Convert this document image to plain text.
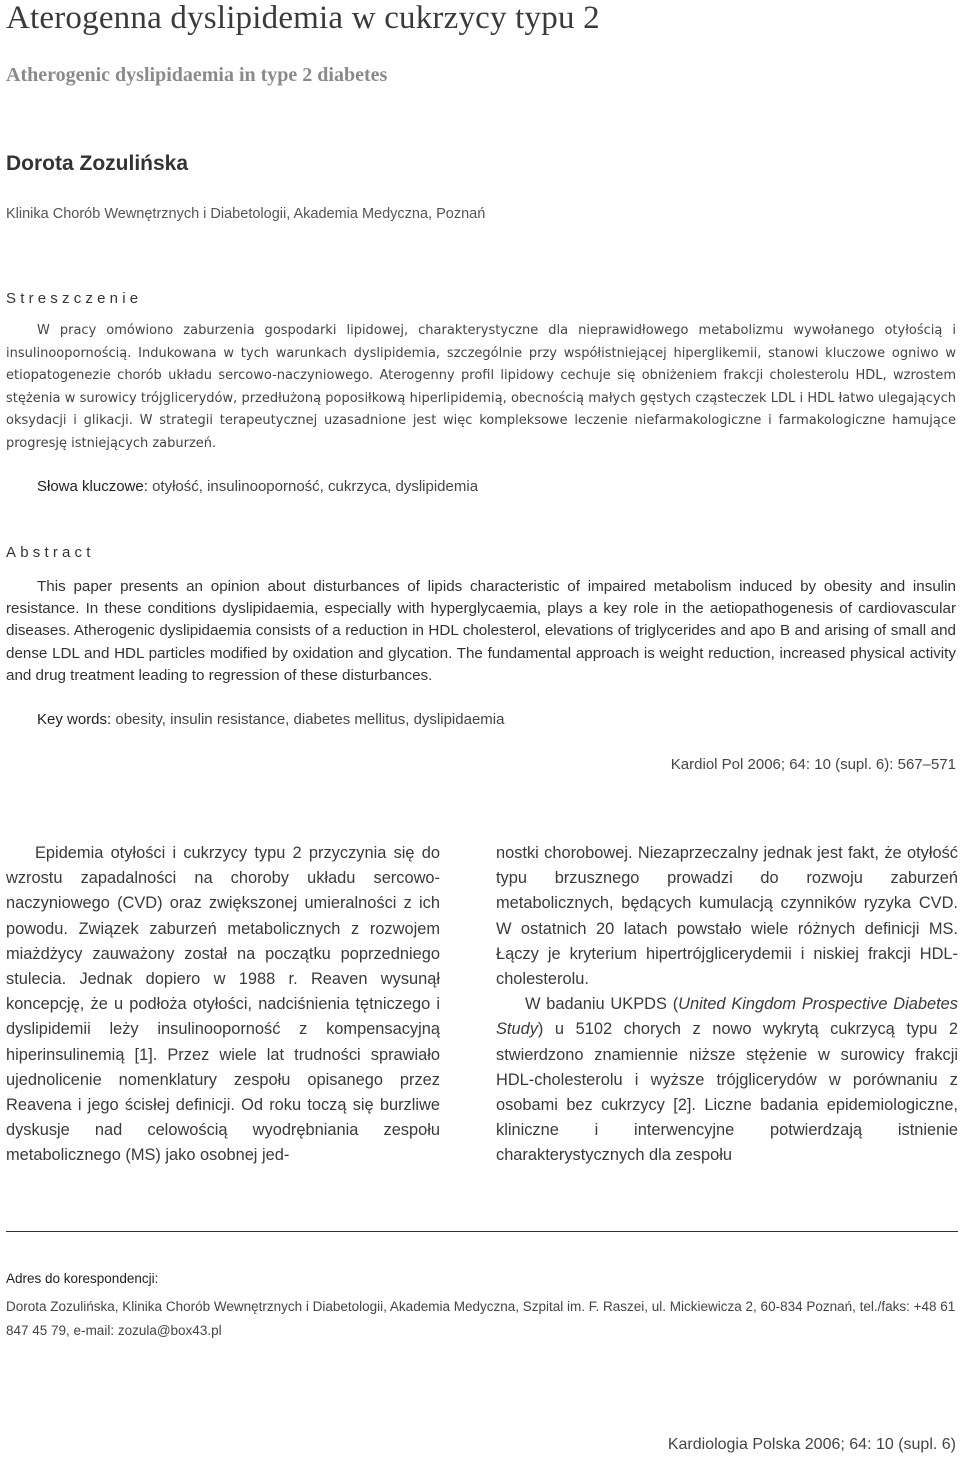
Aterogenna dyslipidemia w cukrzycy typu 2
Atherogenic dyslipidaemia in type 2 diabetes
Dorota Zozulińska
Klinika Chorób Wewnętrznych i Diabetologii, Akademia Medyczna, Poznań
Streszczenie

W pracy omówiono zaburzenia gospodarki lipidowej, charakterystyczne dla nieprawidłowego metabolizmu wywołanego otyłością i insulinoopornością. Indukowana w tych warunkach dyslipidemia, szczególnie przy współistniejącej hiperglikemii, stanowi kluczowe ogniwo w etiopatogenezie chorób układu sercowo-naczyniowego. Aterogenny profil lipidowy cechuje się obniżeniem frakcji cholesterolu HDL, wzrostem stężenia w surowicy trójglicerydów, przedłużoną poposiłkową hiperlipidemią, obecnością małych gęstych cząsteczek LDL i HDL łatwo ulegających oksydacji i glikacji. W strategii terapeutycznej uzasadnione jest więc kompleksowe leczenie niefarmakologiczne i farmakologiczne hamujące progresję istniejących zaburzeń.

Słowa kluczowe: otyłość, insulinooporność, cukrzyca, dyslipidemia
Abstract

This paper presents an opinion about disturbances of lipids characteristic of impaired metabolism induced by obesity and insulin resistance. In these conditions dyslipidaemia, especially with hyperglycaemia, plays a key role in the aetiopathogenesis of cardiovascular diseases. Atherogenic dyslipidaemia consists of a reduction in HDL cholesterol, elevations of triglycerides and apo B and arising of small and dense LDL and HDL particles modified by oxidation and glycation. The fundamental approach is weight reduction, increased physical activity and drug treatment leading to regression of these disturbances.

Key words: obesity, insulin resistance, diabetes mellitus, dyslipidaemia
Kardiol Pol 2006; 64: 10 (supl. 6): 567–571

Epidemia otyłości i cukrzycy typu 2 przyczynia się do wzrostu zapadalności na choroby układu sercowo-naczyniowego (CVD) oraz zwiększonej umieralności z ich powodu. Związek zaburzeń metabolicznych z rozwojem miażdżycy zauważony został na początku poprzedniego stulecia. Jednak dopiero w 1988 r. Reaven wysunął koncepcję, że u podłoża otyłości, nadciśnienia tętniczego i dyslipidemii leży insulinooporność z kompensacyjną hiperinsulinemią [1]. Przez wiele lat trudności sprawiało ujednolicenie nomenklatury zespołu opisanego przez Reavena i jego ścisłej definicji. Od roku toczą się burzliwe dyskusje nad celowością wyodrębniania zespołu metabolicznego (MS) jako osobnej jed-

nostki chorobowej. Niezaprzeczalny jednak jest fakt, że otyłość typu brzusznego prowadzi do rozwoju zaburzeń metabolicznych, będących kumulacją czynników ryzyka CVD. W ostatnich 20 latach powstało wiele różnych definicji MS. Łączy je kryterium hipertrójglicerydemii i niskiej frakcji HDL-cholesterolu.

W badaniu UKPDS (United Kingdom Prospective Diabetes Study) u 5102 chorych z nowo wykrytą cukrzycą typu 2 stwierdzono znamiennie niższe stężenie w surowicy frakcji HDL-cholesterolu i wyższe trójglicerydów w porównaniu z osobami bez cukrzycy [2]. Liczne badania epidemiologiczne, kliniczne i interwencyjne potwierdzają istnienie charakterystycznych dla zespołu

Adres do korespondencji:

Dorota Zozulińska, Klinika Chorób Wewnętrznych i Diabetologii, Akademia Medyczna, Szpital im. F. Raszei, ul. Mickiewicza 2, 60-834 Poznań, tel./faks: +48 61 847 45 79, e-mail: zozula@box43.pl

Kardiologia Polska 2006; 64: 10 (supl. 6)
